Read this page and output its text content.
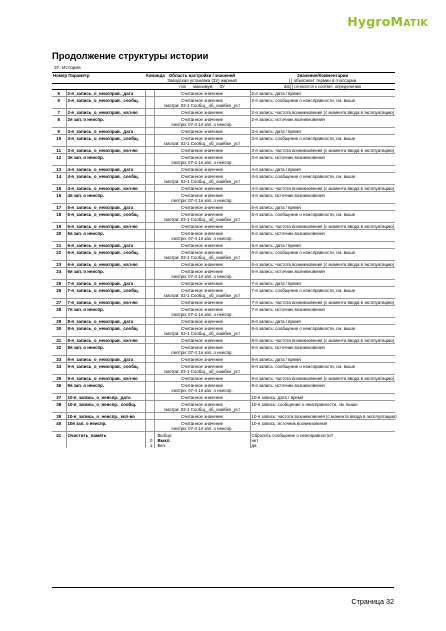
HygroMATIK
Продолжение структуры истории
37. История
Номер Параметр		Команда	Область настройки / значений
Заводская установка (3У) жирный	Значение/Комментарии
[ ] объясняет термин в глоссарии
			min максимум ЗУ	dat[ ] относится к соответ. определению
5	2-я_запись_о_неисправ._дата		Считанное значение	2-я запись: дата / время
6	2-я_запись_о_неисправ._сообщ.		Считанное значение	2-я запись: сообщение о неисправности, см. выше
			смотри: 02-1 Сообщ._об_ошибке_уст	
7	2-я_запись_о_неисправ._кол-во		Считанное значение	2-я запись: частота возникновения (с момента ввода в эксплуатацию)
8	2я зап. о неиспр.		Считанное значение	2-я запись: источник возникновения
			смотри: 07-4 1я зап. о неиспр.	
9	3-я_запись_о_неисправ._дата		Считанное значение	3-я запись: дата / время
10	3-я_запись_о_неисправ._сообщ.		Считанное значение	3-я запись: сообщение о неисправности, см. выше
			смотри: 02-1 Сообщ._об_ошибке_уст	
11	3-я_запись_о_неисправ._кол-во		Считанное значение	3-я запись: частота возникновения (с момента ввода в эксплуатацию)
12	3я зап. о неиспр.		Считанное значение	3-я запись: источник возникновения
			смотри: 07-4 1я зап. о неиспр.	
13	4-я_запись_о_неисправ._дата		Считанное значение	4-я запись: дата / время
14	4-я_запись_о_неисправ._сообщ.		Считанное значение	4-я запись: сообщение о неисправности, см. выше
			смотри: 02-1 Сообщ._об_ошибке_уст	
15	4-я_запись_о_неисправ._кол-во		Считанное значение	4-я запись: частота возникновения (с момента ввода в эксплуатацию)
16	4я зап. о неиспр.		Считанное значение	4-я запись: источник возникновения
			смотри: 07-4 1я зап. о неиспр.	
17	5-я_запись_о_неисправ._дата		Считанное значение	5-я запись: дата / время
18	5-я_запись_о_неисправ._сообщ.		Считанное значение	5-я запись: сообщение о неисправности, см. выше
			смотри: 02-1 Сообщ._об_ошибке_уст	
19	5-я_запись_о_неисправ._кол-во		Считанное значение	5-я запись: частота возникновения (с момента ввода в эксплуатацию)
20	5я зап. о неиспр.		Считанное значение	5-я запись: источник возникновения
			смотри: 07-4 1я зап. о неиспр.	
21	6-я_запись_о_неисправ._дата		Считанное значение	6-я запись: дата / время
22	6-я_запись_о_неисправ._сообщ.		Считанное значение	6-я запись: сообщение о неисправности, см. выше
			смотри: 02-1 Сообщ._об_ошибке_уст	
23	6-я_запись_о_неисправ._кол-во		Считанное значение	6-я запись: частота возникновения (с момента ввода в эксплуатацию)
24	6я зап. о неиспр.		Считанное значение	6-я запись: источник возникновения
			смотри: 07-4 1я зап. о неиспр.	
25	7-я_запись_о_неисправ._дата		Считанное значение	7-я запись: дата / время
26	7-я_запись_о_неисправ._сообщ.		Считанное значение	7-я запись: сообщение о неисправности, см. выше
			смотри: 02-1 Сообщ._об_ошибке_уст	
27	7-я_запись_о_неисправ._кол-во		Считанное значение	7-я запись: частота возникновения (с момента ввода в эксплуатацию)
28	7я зап. о неиспр.		Считанное значение	7-я запись: источник возникновения
			смотри: 07-4 1я зап. о неиспр.	
29	8-я_запись_о_неисправ._дата		Считанное значение	8-я запись: дата / время
30	8-я_запись_о_неисправ._сообщ		Считанное значение	8-я запись: сообщение о неисправности, см. выше
			смотри: 02-1 Сообщ._об_ошибке_уст	
31	8-я_запись_о_неисправ._кол-во		Считанное значение	8-я запись: частота возникновения (с момента ввода в эксплуатацию)
32	8я зап. о неиспр.		Считанное значение	8-я запись: источник возникновения
			смотри: 07-4 1я зап. о неиспр.	
33	9-я_запись_о_неисправ._дата		Считанное значение	9-я запись: дата / время
34	9-я_запись_о_неисправ._сообщ.		Считанное значение	9-я запись: сообщение о неисправности, см. выше
			смотри: 02-1 Сообщ._об_ошибке_уст	
35	9-я_запись_о_неисправ._кол-во		Считанное значение	9-я запись: частота возникновения (с момента ввода в эксплуатацию)
36	9я зап. о неиспр.		Считанное значение	9-я запись: источник возникновения
			смотри: 07-4 1я зап. о неиспр.	
37	10-я_запись_о_неиспр._дата		Считанное значение	10-я запись: дата / время
38	10-я_запись_о_неиспр._сообщ.		Считанное значение	10-я запись: сообщение о неисправности, см. выше
			смотри: 02-1 Сообщ._об_ошибке_уст	
39	10-я_запись_о_неиспр._кол-во		Считанное значение	10-я запись: частота возникновения (с момента ввода в эксплуатацию)
40	10я зап. о неиспр.		Считанное значение	10-я запись: источник возникновения
			смотри: 07-4 1я зап. о неиспр.	
41	Очистить_память		Выбор:	Сбросить сообщение о неисправности?
		0	Выкл.	нет
		1	Вкл.	да
Страница 32
